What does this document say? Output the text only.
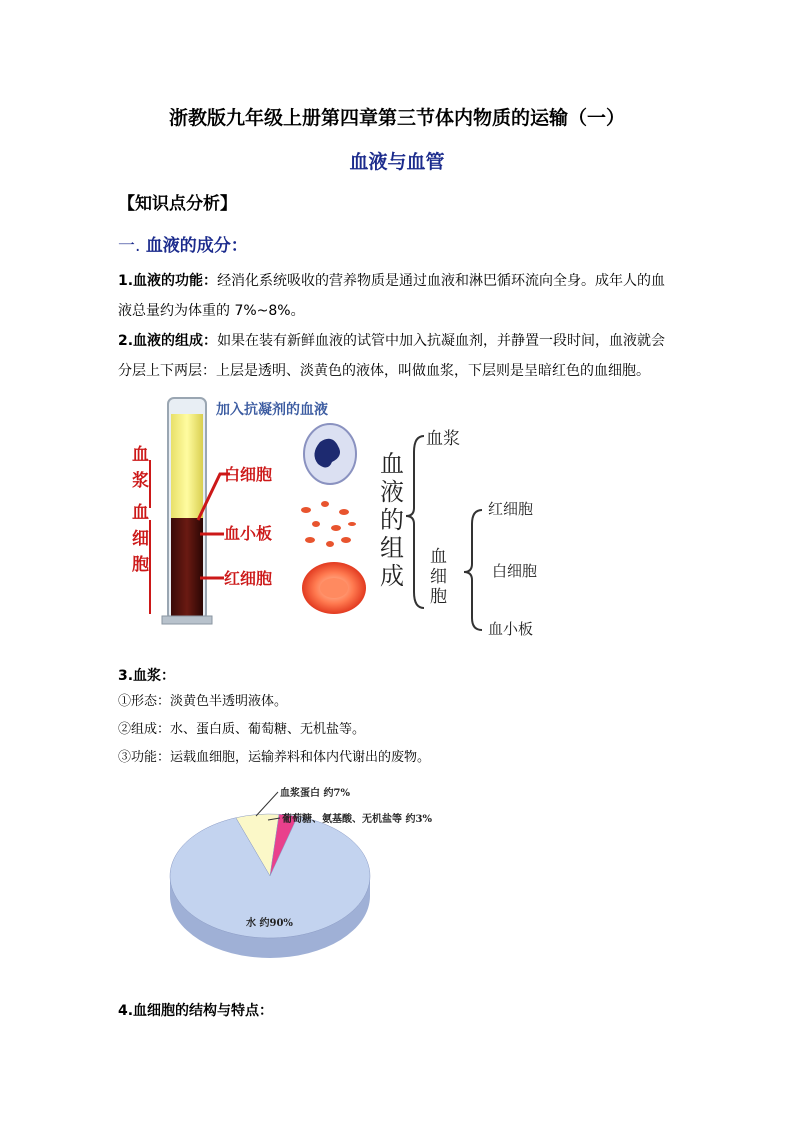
浙教版九年级上册第四章第三节体内物质的运输（一）
血液与血管
【知识点分析】
一. 血液的成分：
1.血液的功能：经消化系统吸收的营养物质是通过血液和淋巴循环流向全身。成年人的血液总量约为体重的 7%~8%。
2.血液的组成：如果在装有新鲜血液的试管中加入抗凝血剂，并静置一段时间，血液就会分层上下两层：上层是透明、淡黄色的液体，叫做血浆，下层则是呈暗红色的血细胞。
加入抗凝剂的血液
血浆
血细胞
白细胞
血小板
红细胞
血
液
的
组
成
血浆
血
细
胞
红细胞
白细胞
血小板
3.血浆：
①形态：淡黄色半透明液体。
②组成：水、蛋白质、葡萄糖、无机盐等。
③功能：运载血细胞，运输养料和体内代谢出的废物。
血浆蛋白 约7%
葡萄糖、氨基酸、无机盐等 约3%
水 约90%
4.血细胞的结构与特点：
